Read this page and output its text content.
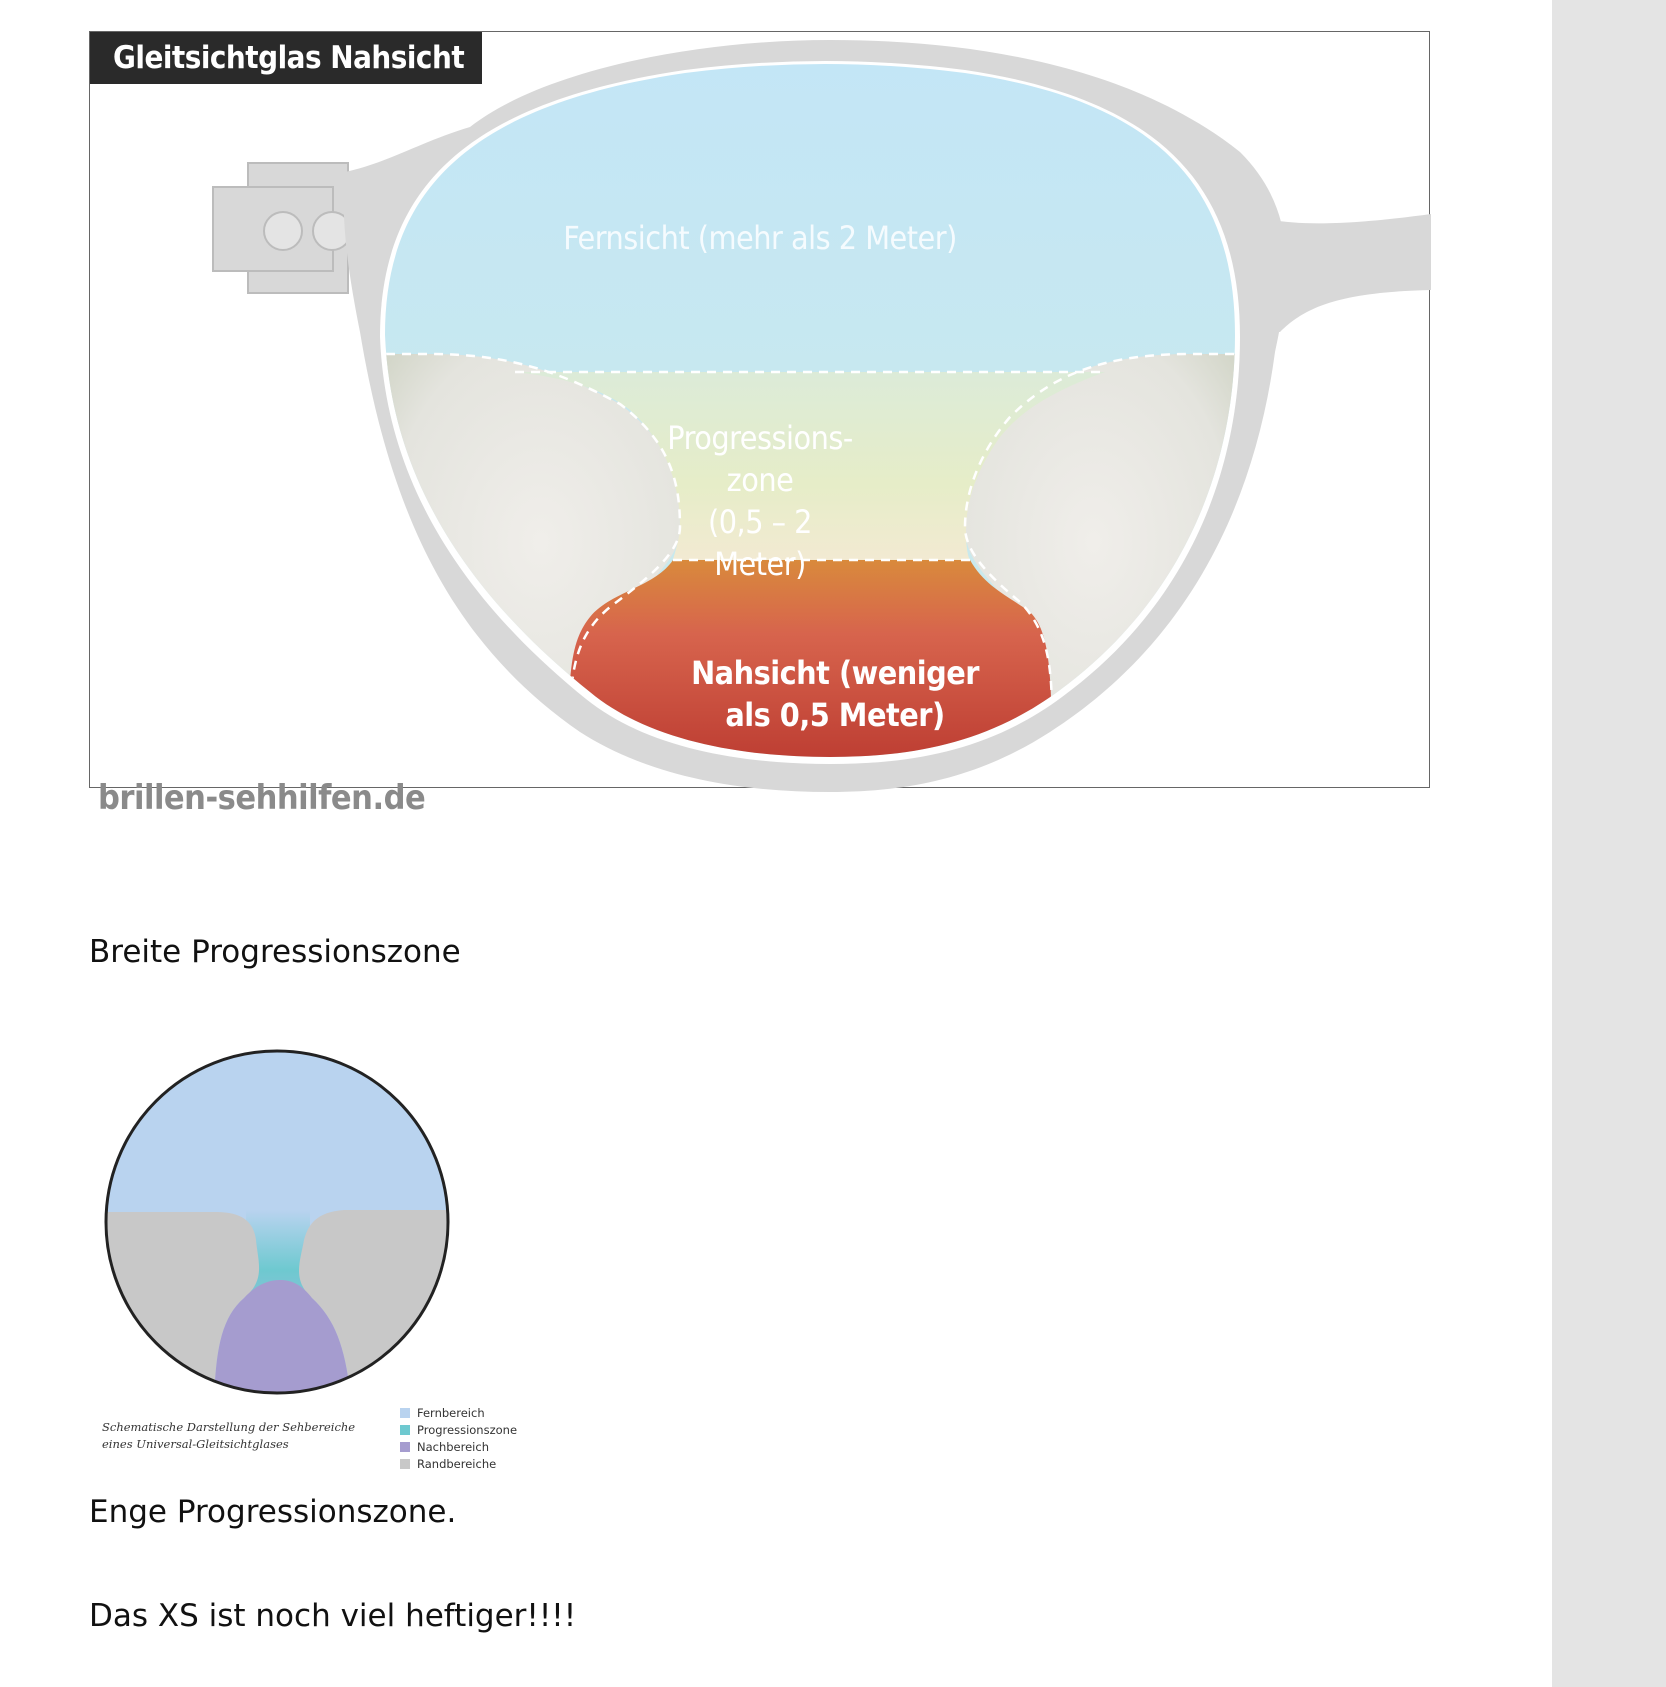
Gleitsichtglas Nahsicht
Fernsicht (mehr als 2 Meter)
Progressions-
zone
(0,5 – 2 Meter)
Nahsicht (weniger
als 0,5 Meter)
brillen-sehhilfen.de
Breite Progressionszone
Schematische Darstellung der Sehbereiche
eines Universal-Gleitsichtglases
Fernbereich
Progressionszone
Nachbereich
Randbereiche
Enge Progressionszone.
Das XS ist noch viel heftiger!!!!
